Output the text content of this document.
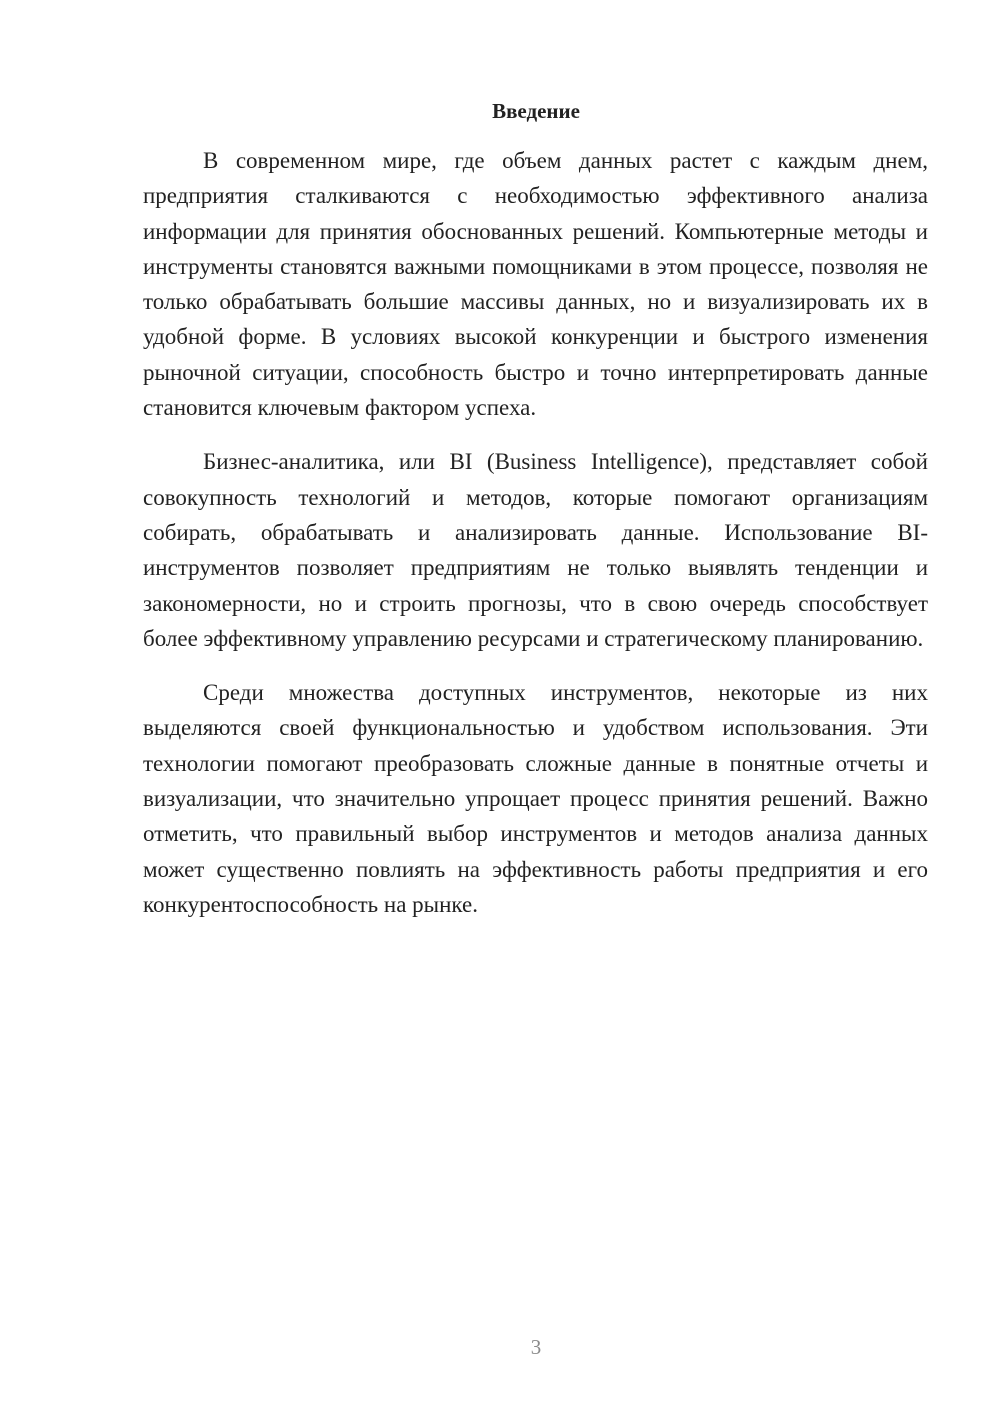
Введение

В современном мире, где объем данных растет с каждым днем, предприятия сталкиваются с необходимостью эффективного анализа информации для принятия обоснованных решений. Компьютерные методы и инструменты становятся важными помощниками в этом процессе, позволяя не только обрабатывать большие массивы данных, но и визуализировать их в удобной форме. В условиях высокой конкуренции и быстрого изменения рыночной ситуации, способность быстро и точно интерпретировать данные становится ключевым фактором успеха.

Бизнес-аналитика, или BI (Business Intelligence), представляет собой совокупность технологий и методов, которые помогают организациям собирать, обрабатывать и анализировать данные. Использование BI-инструментов позволяет предприятиям не только выявлять тенденции и закономерности, но и строить прогнозы, что в свою очередь способствует более эффективному управлению ресурсами и стратегическому планированию.

Среди множества доступных инструментов, некоторые из них выделяются своей функциональностью и удобством использования. Эти технологии помогают преобразовать сложные данные в понятные отчеты и визуализации, что значительно упрощает процесс принятия решений. Важно отметить, что правильный выбор инструментов и методов анализа данных может существенно повлиять на эффективность работы предприятия и его конкурентоспособность на рынке.

3
